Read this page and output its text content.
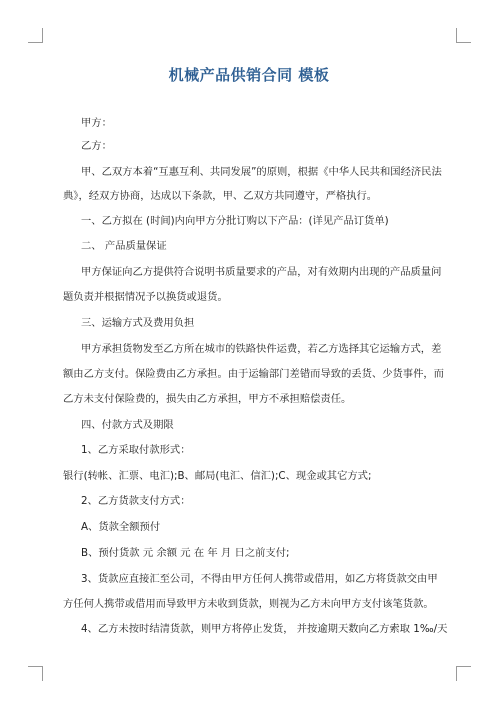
机械产品供销合同 模板
甲方：
乙方：
甲、乙双方本着“互惠互利、共同发展”的原则，根据《中华人民共和国经济民法
典》，经双方协商，达成以下条款，甲、乙双方共同遵守，严格执行。
一、乙方拟在 (时间)内向甲方分批订购以下产品：(详见产品订货单)
二、 产品质量保证
甲方保证向乙方提供符合说明书质量要求的产品，对有效期内出现的产品质量问
题负责并根据情况予以换货或退货。
三、运输方式及费用负担
甲方承担货物发至乙方所在城市的铁路快件运费，若乙方选择其它运输方式，差
额由乙方支付。保险费由乙方承担。由于运输部门差错而导致的丢货、少货事件，而
乙方未支付保险费的，损失由乙方承担，甲方不承担赔偿责任。
四、付款方式及期限
1、乙方采取付款形式：
银行(转帐、汇票、电汇);B、邮局(电汇、信汇);C、现金或其它方式;
2、乙方货款支付方式：
A、货款全额预付
B、预付货款 元 余额 元 在 年 月 日之前支付;
3、货款应直接汇至公司，不得由甲方任何人携带或借用，如乙方将货款交由甲
方任何人携带或借用而导致甲方未收到货款，则视为乙方未向甲方支付该笔货款。
4、乙方未按时结清货款，则甲方将停止发货， 并按逾期天数向乙方索取 1‰/天
